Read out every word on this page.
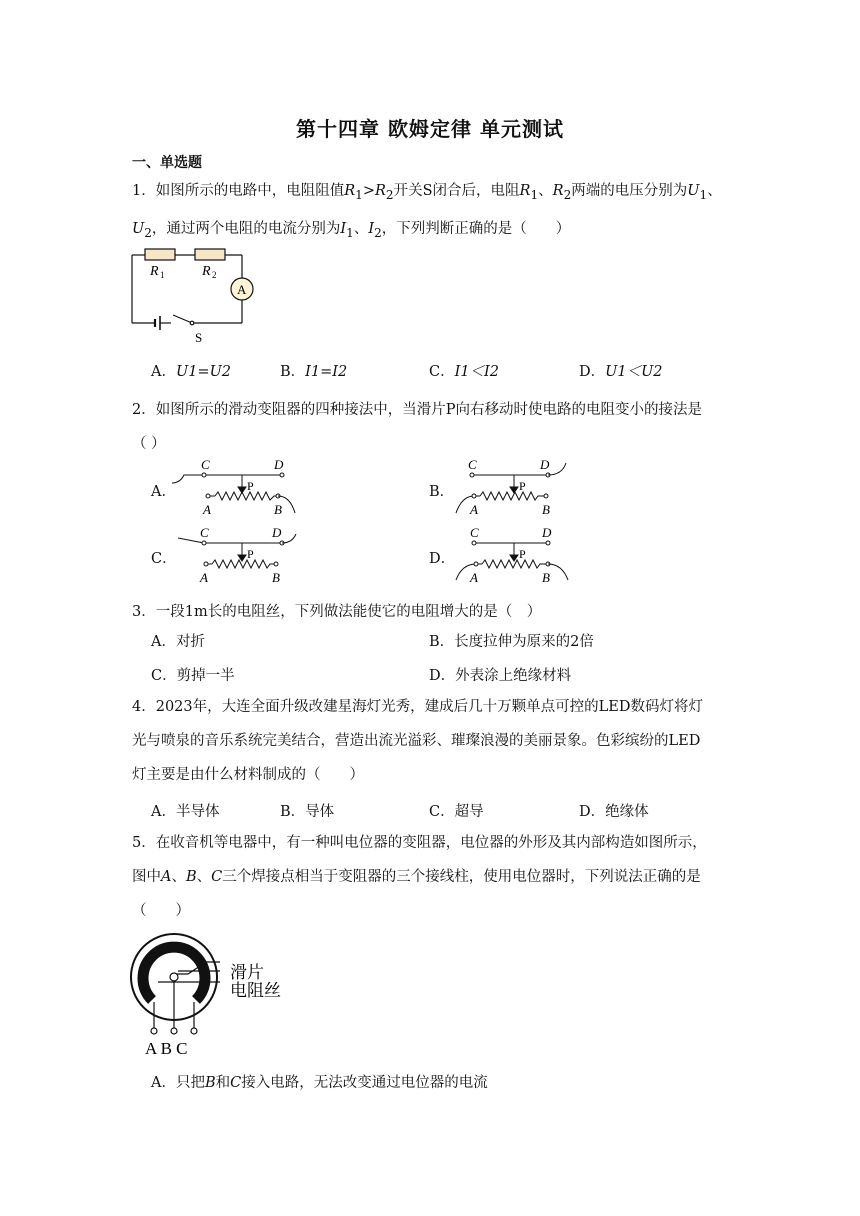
第十四章 欧姆定律 单元测试
一、单选题
1．如图所示的电路中，电阻阻值$R_1>R_2$开关S闭合后，电阻$R_1$、$R_2$两端的电压分别为$U_1$、
$U_2$，通过两个电阻的电流分别为$I_1$、$I_2$，下列判断正确的是（　　）
R 1	R 2
A
S
A．U1=U2	B．I1=I2	C．I1＜I2	D．U1＜U2
2．如图所示的滑动变阻器的四种接法中，当滑片P向右移动时使电路的电阻变小的接法是
（ ）
A．	B．
C．	D．
C	D
P
A	B
C	D
P
A	B
C	D
P
A	B
C	D
P
A	B
3．一段1m长的电阻丝，下列做法能使它的电阻增大的是（　）
A．对折	B．长度拉伸为原来的2倍
C．剪掉一半	D．外表涂上绝缘材料
4．2023年，大连全面升级改建星海灯光秀，建成后几十万颗单点可控的LED数码灯将灯
光与喷泉的音乐系统完美结合，营造出流光溢彩、璀璨浪漫的美丽景象。色彩缤纷的LED
灯主要是由什么材料制成的（　　）
A．半导体	B．导体	C．超导	D．绝缘体
5．在收音机等电器中，有一种叫电位器的变阻器，电位器的外形及其内部构造如图所示，
图中A、B、C三个焊接点相当于变阻器的三个接线柱，使用电位器时，下列说法正确的是
（　　）
滑片
电阻丝
A B C
A．只把B和C接入电路，无法改变通过电位器的电流
